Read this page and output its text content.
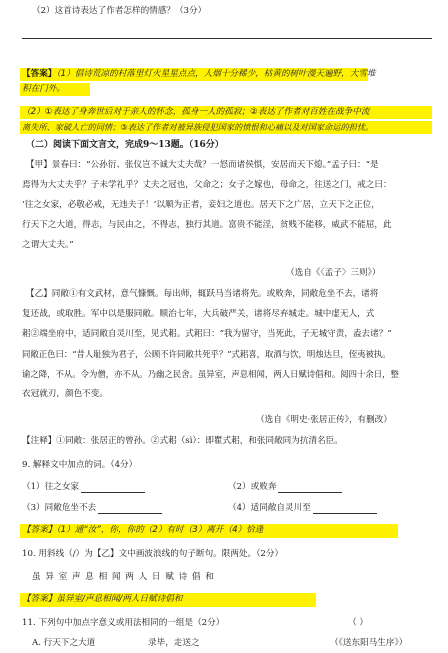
（2）这首诗表达了作者怎样的情感？（3分）
【答案】（1）倡诗荒凉的村落里灯火星星点点，人烟十分稀少，枯黄的树叶漫天遍野，大雪堆
积在门外。
（2）①表达了身奔世后对于亲人的怀念，孤身一人的孤寂；②表达了作者对百姓在战争中流
离失所、家破人亡的同情；③表达了作者对被异族侵犯国家的愤恨和心痛以及对国家命运的担忧。
（二）阅读下面文言文，完成9～13题。（16分）
【甲】景春曰：“公孙衍、张仪岂不诚大丈夫哉？一怒而诸侯惧，安居而天下熄。”孟子曰：“是
焉得为大丈夫乎？子未学礼乎？丈夫之冠也，父命之；女子之嫁也，母命之，往送之门，戒之曰：
‘往之女家，必敬必戒，无违夫子！’以顺为正者，妾妇之道也。居天下之广居，立天下之正位，
行天下之大道，得志，与民由之，不得志，独行其道。富贵不能淫，贫贱不能移，威武不能屈，此
之谓大丈夫。”
（选自《〈孟子〉三则》）
【乙】同敞①有文武材，意气慷慨。每出师，辄跃马当诸将先。或败奔，同敞危坐不去，诸将
复还战，或取胜。军中以是服同敞。顺治七年，大兵破严关，诸将尽弃城走。城中虚无人，式
耜②端坐府中，适同敞自灵川至，见式耜。式耜曰：“我为留守，当死此，子无城守责，盍去诸？”
同敞正色曰：“昔人耻独为君子，公顾不许同敞共死乎？”式耜喜，取酒与饮，明烛达旦，侄夷被执。
谕之降，不从。令为僧，亦不从。乃幽之民舍。虽异室，声息相闻，两人日赋诗倡和。阅四十余日，整
衣冠就刃，颜色不变。
（选自《明史·张居正传》，有删改）
【注释】①同敞：张居正的曾孙。②式耜（sì）：即瞿式耜，和张同敞同为抗清名臣。
9. 解释文中加点的词。（4分）
（1）往之女家	（2）或败奔
（3）同敞危坐不去	（4）适同敞自灵川至
【答案】（1）通“汝”，你，你的（2）有时（3）离开（4）恰逢
10. 用斜线（/）为【乙】文中画波浪线的句子断句。限两处。（2分）
虽 异 室 声 息 相 闻 两 人 日 赋 诗 倡 和
【答案】虽异室/声息相闻/两人日赋诗倡和
11. 下列句中加点字意义或用法相同的一组是（2分）	（ ）
A. 行天下之大道	录毕，走送之	（《送东阳马生序》）
